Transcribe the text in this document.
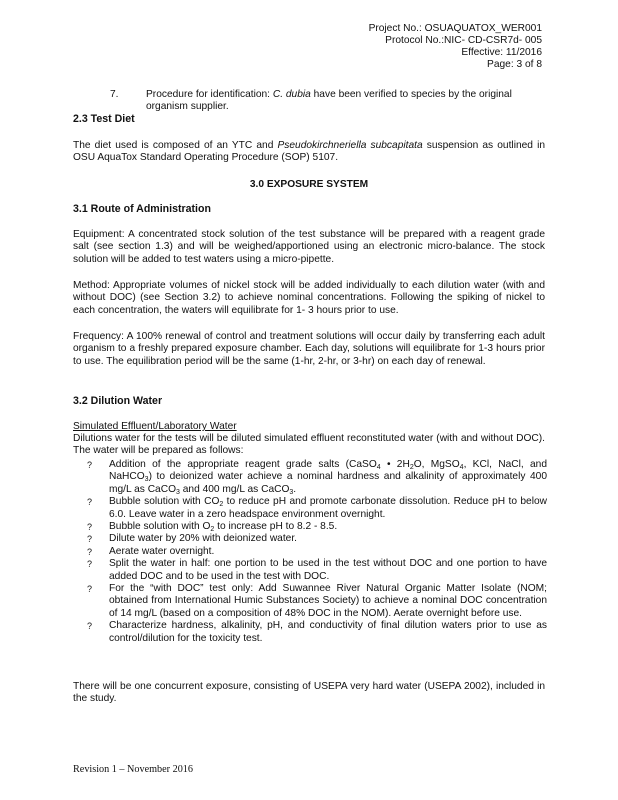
Project No.: OSUAQUATOX_WER001
Protocol No.:NIC- CD-CSR7d- 005
Effective: 11/2016
Page: 3 of 8
7.	Procedure for identification: C. dubia have been verified to species by the original organism supplier.
2.3 Test Diet
The diet used is composed of an YTC and Pseudokirchneriella subcapitata suspension as outlined in OSU AquaTox Standard Operating Procedure (SOP) 5107.
3.0 EXPOSURE SYSTEM
3.1 Route of Administration
Equipment: A concentrated stock solution of the test substance will be prepared with a reagent grade salt (see section 1.3) and will be weighed/apportioned using an electronic micro-balance. The stock solution will be added to test waters using a micro-pipette.
Method: Appropriate volumes of nickel stock will be added individually to each dilution water (with and without DOC) (see Section 3.2) to achieve nominal concentrations. Following the spiking of nickel to each concentration, the waters will equilibrate for 1- 3 hours prior to use.
Frequency: A 100% renewal of control and treatment solutions will occur daily by transferring each adult organism to a freshly prepared exposure chamber. Each day, solutions will equilibrate for 1-3 hours prior to use. The equilibration period will be the same (1-hr, 2-hr, or 3-hr) on each day of renewal.
3.2 Dilution Water
Simulated Effluent/Laboratory Water
Dilutions water for the tests will be diluted simulated effluent reconstituted water (with and without DOC). The water will be prepared as follows:
? Addition of the appropriate reagent grade salts (CaSO$_4$ • $2H_2O$, MgSO$_4$, KCl, NaCl, and NaHCO$_3$) to deionized water achieve a nominal hardness and alkalinity of approximately 400 mg/L as CaCO$_3$ and 400 mg/L as CaCO$_3$.
? Bubble solution with $CO_2$ to reduce pH and promote carbonate dissolution. Reduce pH to below 6.0. Leave water in a zero headspace environment overnight.
? Bubble solution with $O_2$ to increase pH to 8.2 - 8.5.
? Dilute water by 20% with deionized water.
? Aerate water overnight.
? Split the water in half: one portion to be used in the test without DOC and one portion to have added DOC and to be used in the test with DOC.
? For the “with DOC” test only: Add Suwannee River Natural Organic Matter Isolate (NOM; obtained from International Humic Substances Society) to achieve a nominal DOC concentration of 14 mg/L (based on a composition of 48% DOC in the NOM). Aerate overnight before use.
? Characterize hardness, alkalinity, pH, and conductivity of final dilution waters prior to use as control/dilution for the toxicity test.
There will be one concurrent exposure, consisting of USEPA very hard water (USEPA 2002), included in the study.
Revision 1 – November 2016
